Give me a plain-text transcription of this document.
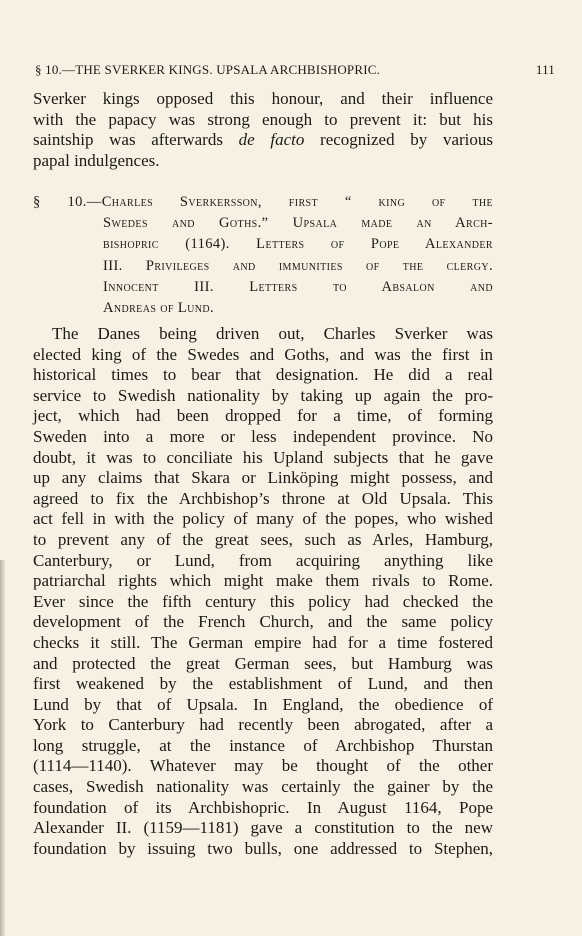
§ 10.—THE SVERKER KINGS. UPSALA ARCHBISHOPRIC.	111
Sverker kings opposed this honour, and their influence
with the papacy was strong enough to prevent it: but his
saintship was afterwards de facto recognized by various
papal indulgences.
§ 10.—Charles Sverkersson, first “ king of the
Swedes and Goths.” Upsala made an Arch-
bishopric (1164). Letters of Pope Alexander
III. Privileges and immunities of the clergy.
Innocent III. Letters to Absalon and
Andreas of Lund.
The Danes being driven out, Charles Sverker was
elected king of the Swedes and Goths, and was the first in
historical times to bear that designation. He did a real
service to Swedish nationality by taking up again the pro-
ject, which had been dropped for a time, of forming
Sweden into a more or less independent province. No
doubt, it was to conciliate his Upland subjects that he gave
up any claims that Skara or Linköping might possess, and
agreed to fix the Archbishop’s throne at Old Upsala. This
act fell in with the policy of many of the popes, who wished
to prevent any of the great sees, such as Arles, Hamburg,
Canterbury, or Lund, from acquiring anything like
patriarchal rights which might make them rivals to Rome.
Ever since the fifth century this policy had checked the
development of the French Church, and the same policy
checks it still. The German empire had for a time fostered
and protected the great German sees, but Hamburg was
first weakened by the establishment of Lund, and then
Lund by that of Upsala. In England, the obedience of
York to Canterbury had recently been abrogated, after a
long struggle, at the instance of Archbishop Thurstan
(1114—1140). Whatever may be thought of the other
cases, Swedish nationality was certainly the gainer by the
foundation of its Archbishopric. In August 1164, Pope
Alexander II. (1159—1181) gave a constitution to the new
foundation by issuing two bulls, one addressed to Stephen,
